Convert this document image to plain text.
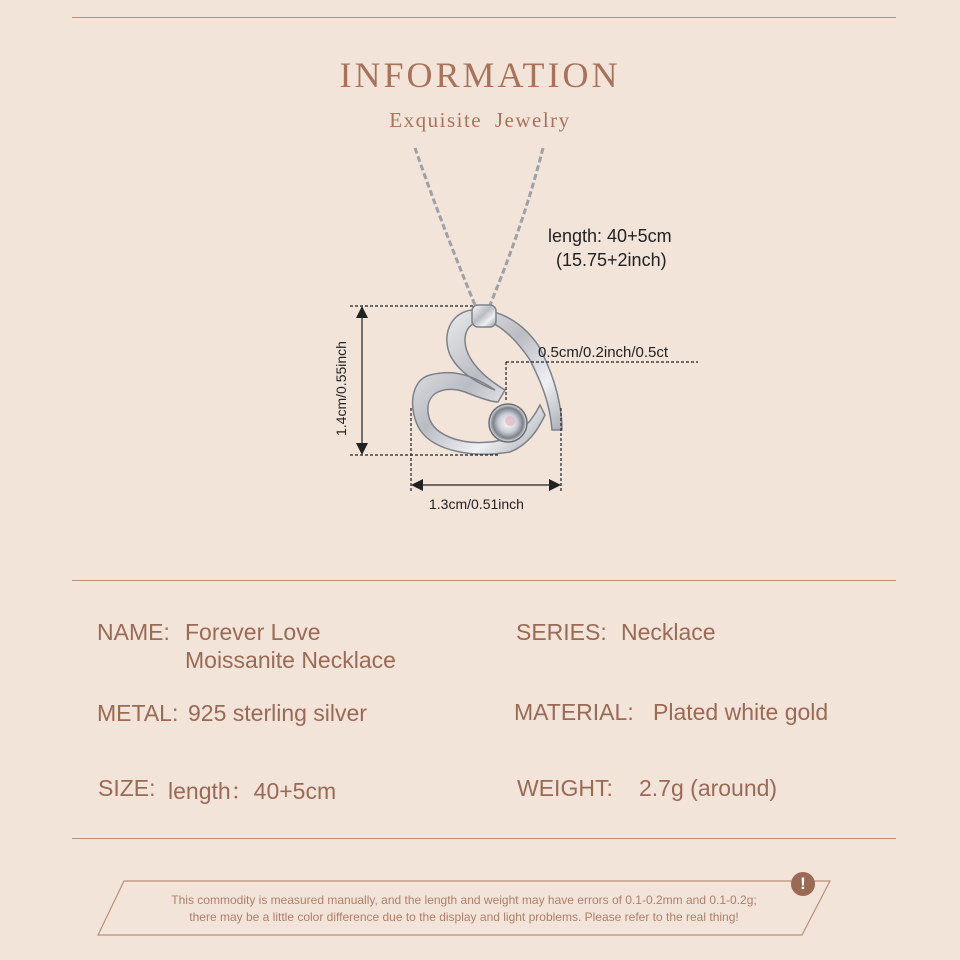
INFORMATION
Exquisite Jewelry
length: 40+5cm
(15.75+2inch)
0.5cm/0.2inch/0.5ct
1.4cm/0.55inch
1.3cm/0.51inch
NAME: Forever Love
Moissanite Necklace
SERIES: Necklace
METAL: 925 sterling silver	MATERIAL: Plated white gold
SIZE: length：40+5cm	WEIGHT: 2.7g (around)
!
This commodity is measured manually, and the length and weight may have errors of 0.1-0.2mm and 0.1-0.2g;
there may be a little color difference due to the display and light problems. Please refer to the real thing!
